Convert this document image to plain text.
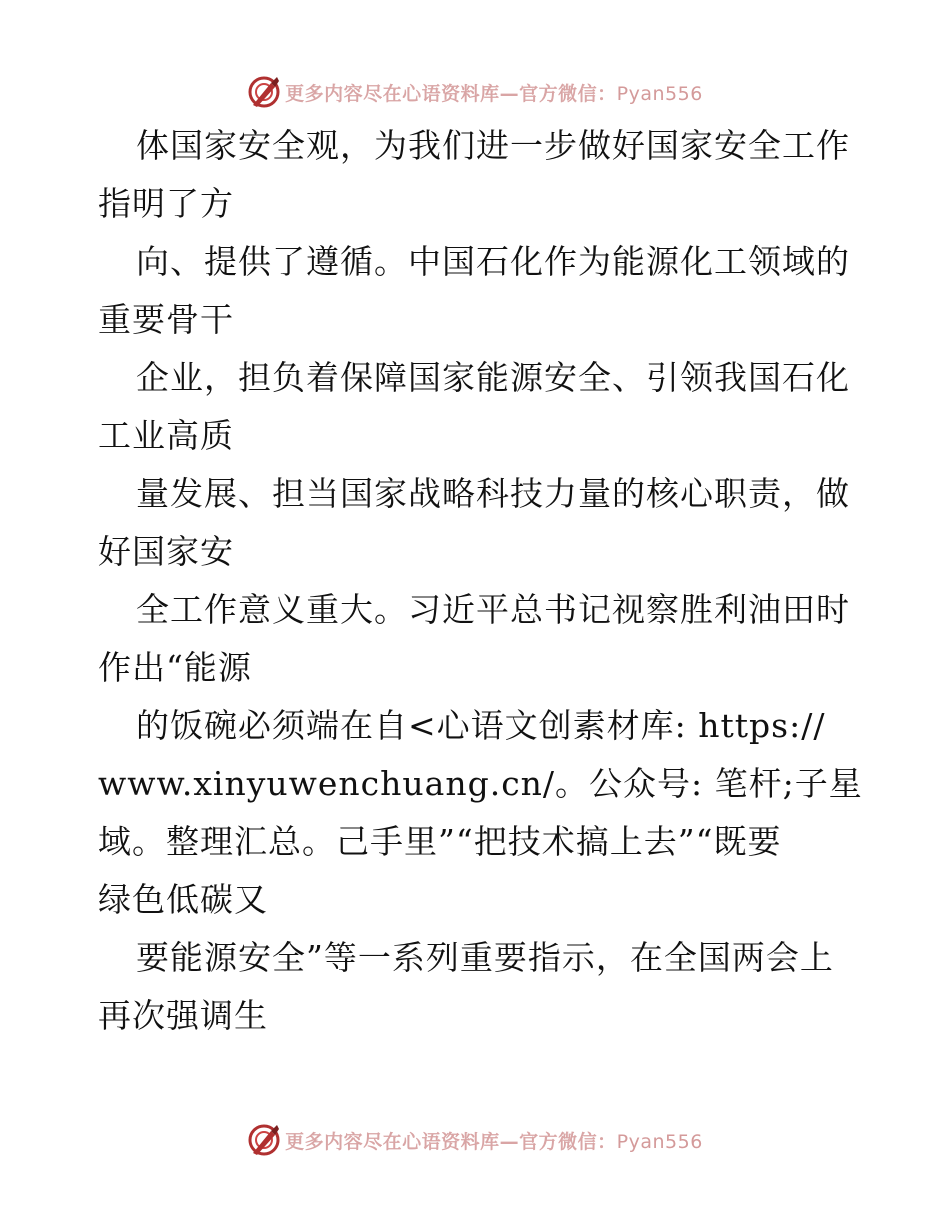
更多内容尽在心语资料库—官方微信：Pyan556
体国家安全观，为我们进一步做好国家安全工作
指明了方
向、提供了遵循。中国石化作为能源化工领域的
重要骨干
企业，担负着保障国家能源安全、引领我国石化
工业高质
量发展、担当国家战略科技力量的核心职责，做
好国家安
全工作意义重大。习近平总书记视察胜利油田时
作出“能源
的饭碗必须端在自<心语文创素材库: https://
www.xinyuwenchuang.cn/。公众号: 笔杆;子星
域。整理汇总。己手里”“把技术搞上去”“既要
绿色低碳又
要能源安全”等一系列重要指示，在全国两会上
再次强调生
更多内容尽在心语资料库—官方微信：Pyan556
